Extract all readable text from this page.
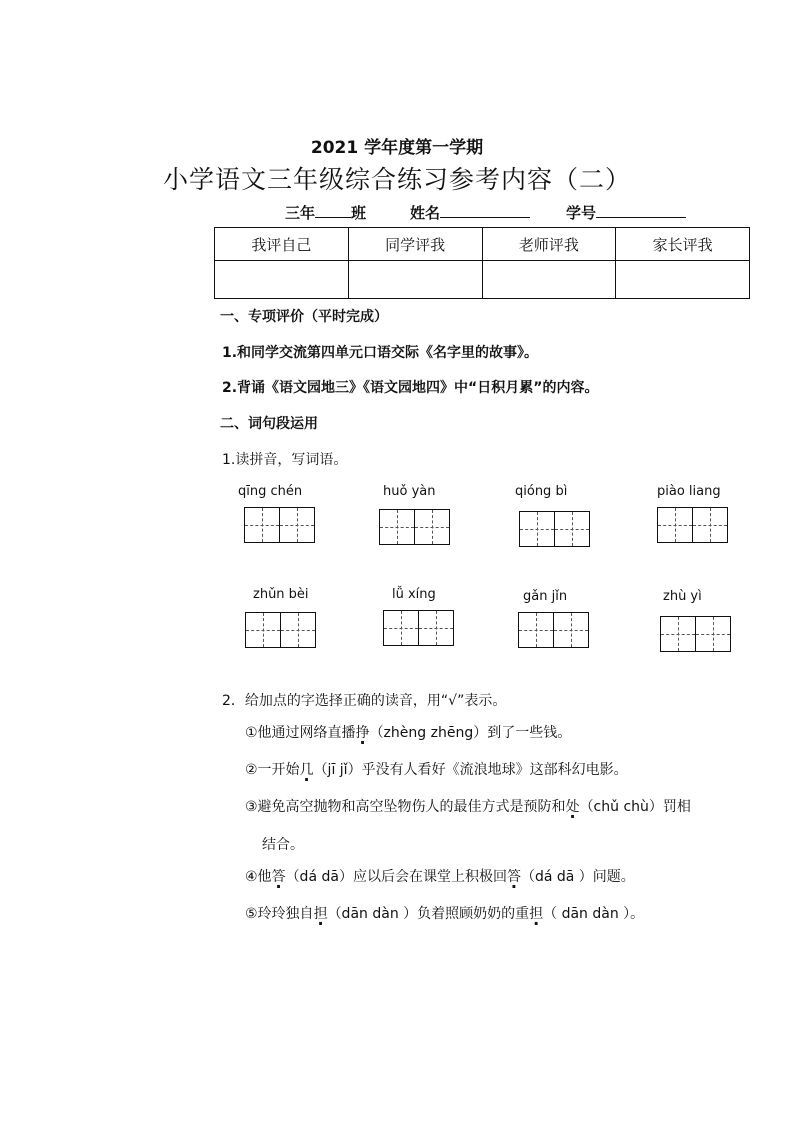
2021 学年度第一学期
小学语文三年级综合练习参考内容（二）
三年 班	姓名	学号
我评自己	同学评我	老师评我	家长评我

一、专项评价（平时完成）
1.和同学交流第四单元口语交际《名字里的故事》。
2.背诵《语文园地三》《语文园地四》中“日积月累”的内容。
二、词句段运用
1.读拼音，写词语。
qīng chén	huǒ yàn	qióng bì	piào liang
zhǔn bèi	lǚ xíng	gǎn jǐn	zhù yì
2．给加点的字选择正确的读音，用“√”表示。
①他通过网络直播挣（zhèng zhēng）到了一些钱。
②一开始几（jī jǐ）乎没有人看好《流浪地球》这部科幻电影。
③避免高空抛物和高空坠物伤人的最佳方式是预防和处（chǔ chù）罚相
结合。
④他答（dá dā）应以后会在课堂上积极回答（dá dā ）问题。
⑤玲玲独自担（dān dàn ）负着照顾奶奶的重担（ dān dàn ）。
